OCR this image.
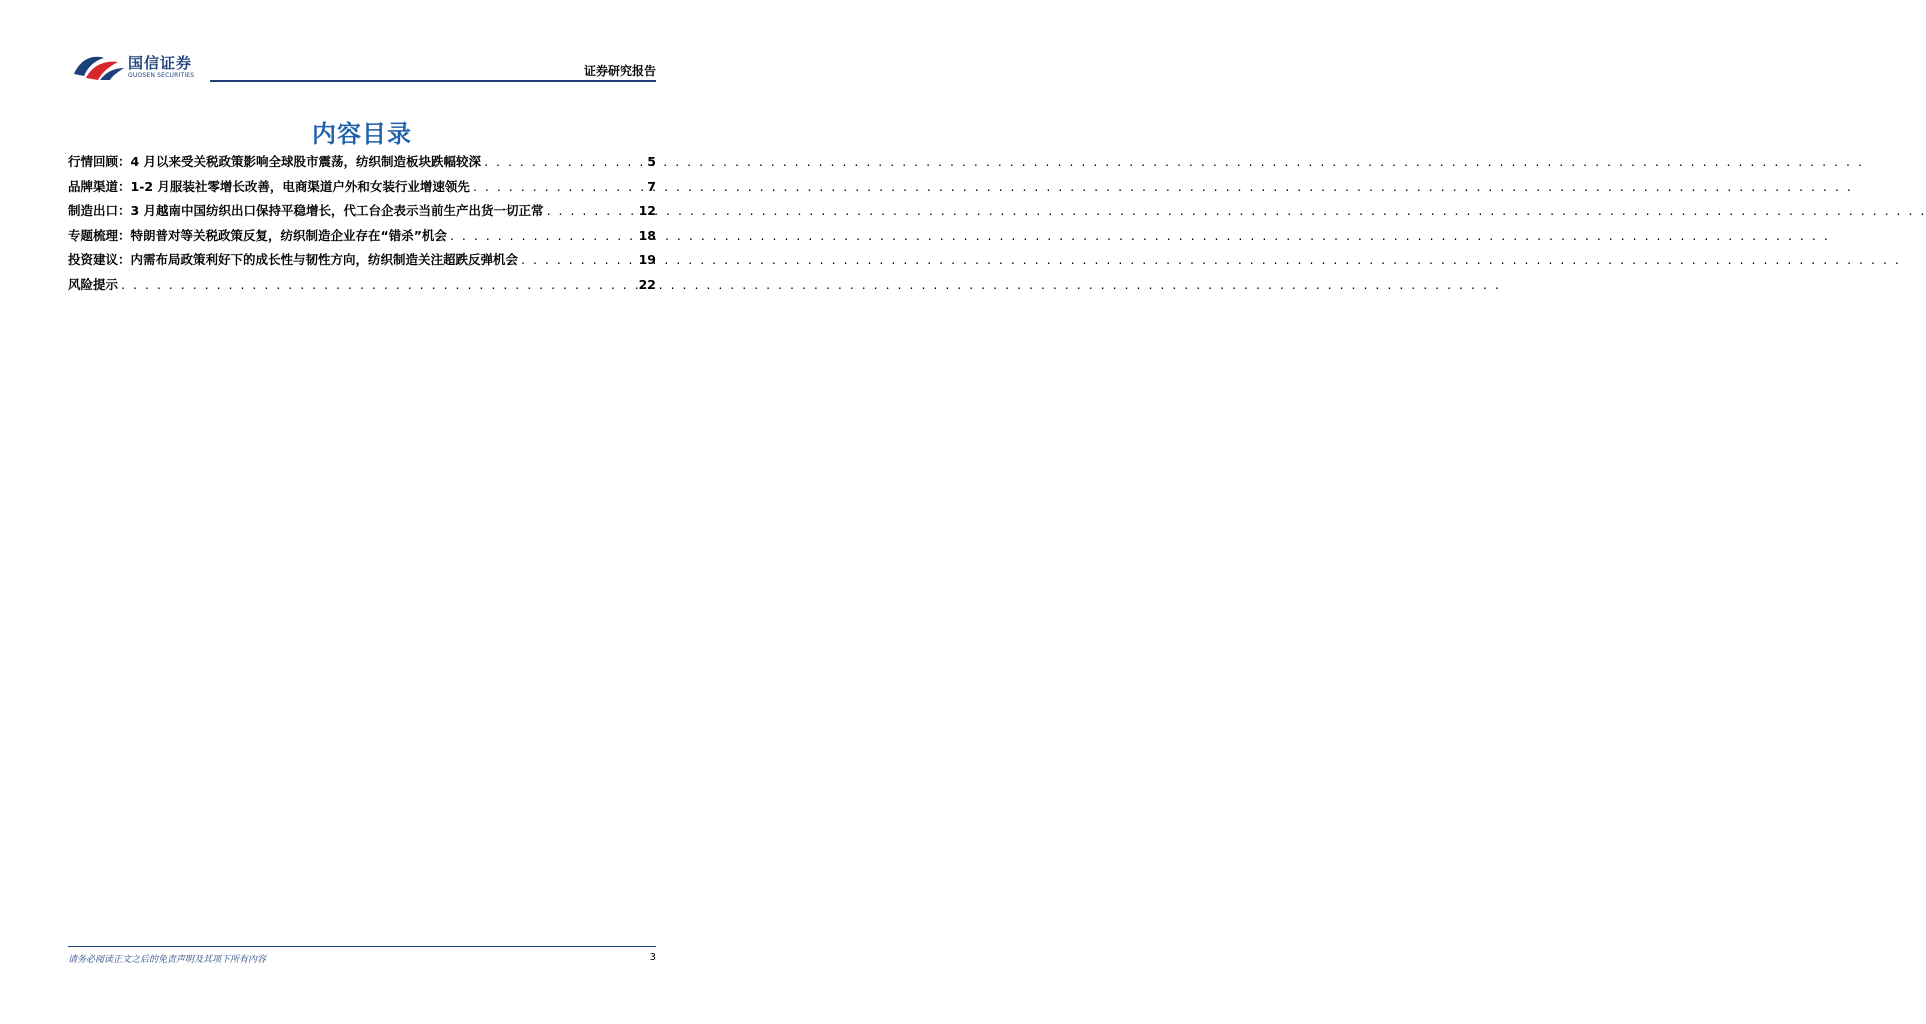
国信证券
GUOSEN SECURITIES	证券研究报告
内容目录
行情回顾：4 月以来受关税政策影响全球股市震荡，纺织制造板块跌幅较深 . . .	5
品牌渠道：1-2 月服装社零增长改善，电商渠道户外和女装行业增速领先 . . .	7
制造出口：3 月越南中国纺织出口保持平稳增长，代工台企表示当前生产出货一切正常 . . .	12
专题梳理：特朗普对等关税政策反复，纺织制造企业存在“错杀”机会 . . .	18
投资建议：内需布局政策利好下的成长性与韧性方向，纺织制造关注超跌反弹机会 . . .	19
风险提示 . . .	22
请务必阅读正文之后的免责声明及其项下所有内容	3
